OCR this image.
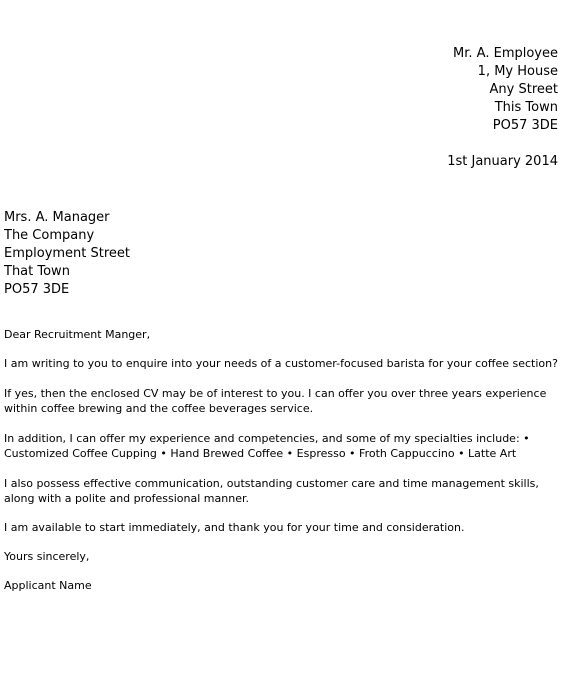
Mr. A. Employee
1, My House
Any Street
This Town
PO57 3DE
1st January 2014
Mrs. A. Manager
The Company
Employment Street
That Town
PO57 3DE
Dear Recruitment Manger,
I am writing to you to enquire into your needs of a customer-focused barista for your coffee section?
If yes, then the enclosed CV may be of interest to you. I can offer you over three years experience within coffee brewing and the coffee beverages service.
In addition, I can offer my experience and competencies, and some of my specialties include: • Customized Coffee Cupping • Hand Brewed Coffee • Espresso • Froth Cappuccino • Latte Art
I also possess effective communication, outstanding customer care and time management skills, along with a polite and professional manner.
I am available to start immediately, and thank you for your time and consideration.
Yours sincerely,
Applicant Name
